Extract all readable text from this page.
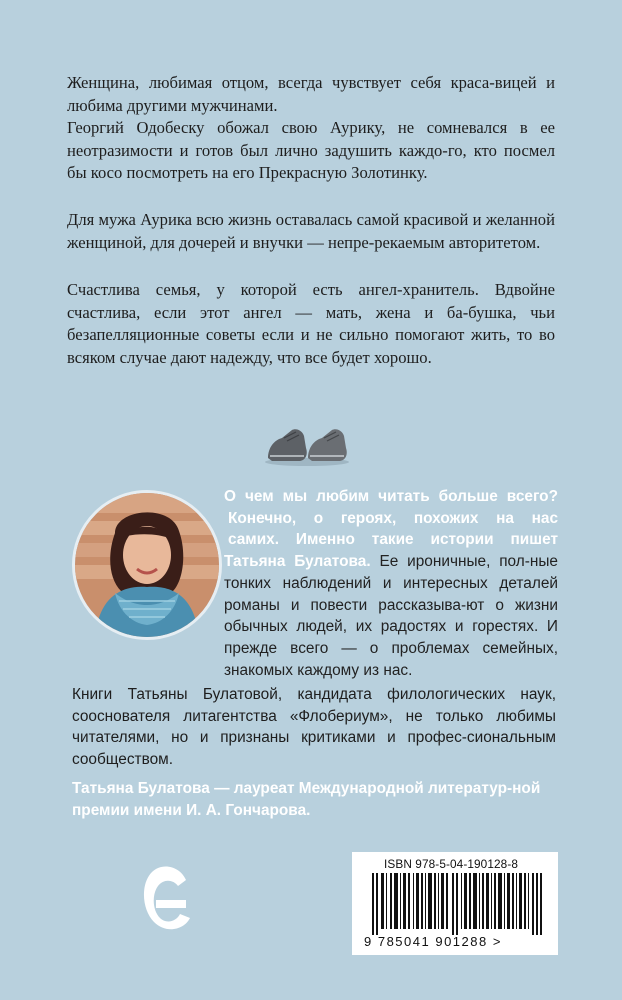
Женщина, любимая отцом, всегда чувствует себя краса-вицей и любима другими мужчинами.

Георгий Одобеску обожал свою Аурику, не сомневался в ее неотразимости и готов был лично задушить каждо-го, кто посмел бы косо посмотреть на его Прекрасную Золотинку.

Для мужа Аурика всю жизнь оставалась самой красивой и желанной женщиной, для дочерей и внучки — непре-рекаемым авторитетом.

Счастлива семья, у которой есть ангел-хранитель. Вдвойне счастлива, если этот ангел — мать, жена и ба-бушка, чьи безапелляционные советы если и не сильно помогают жить, то во всяком случае дают надежду, что все будет хорошо.

О чем мы любим читать больше всего?
Конечно, о героях, похожих на нас
самих. Именно такие истории пишет
Татьяна Булатова. Ее ироничные, пол-ные тонких наблюдений и интересных деталей романы и повести рассказыва-ют о жизни обычных людей, их радостях и горестях. И прежде всего — о проблемах семейных, знакомых каждому из нас.

Книги Татьяны Булатовой, кандидата филологических наук, сооснователя литагентства «Флобериум», не только любимы читателями, но и признаны критиками и профес-сиональным сообществом.

Татьяна Булатова — лауреат Международной литератур-ной премии имени И. А. Гончарова.

ISBN 978-5-04-190128-8
9 785041 901288 >
